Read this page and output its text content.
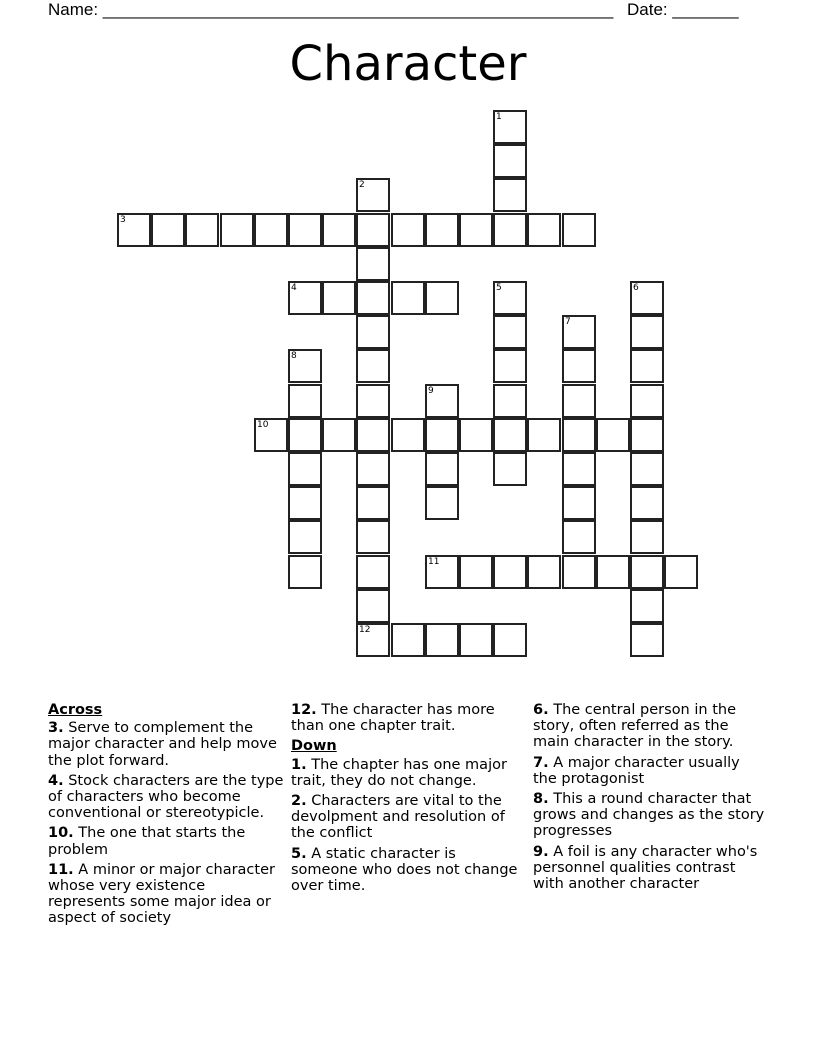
Name: ______________________________________________________ Date: _______
Character
1
2
3
4	5	6
7
8
9
10
11
12
Across
3. Serve to complement the major character and help move the plot forward.
4. Stock characters are the type of characters who become conventional or stereotypicle.
10. The one that starts the problem
11. A minor or major character whose very existence represents some major idea or aspect of society
12. The character has more than one chapter trait.
Down
1. The chapter has one major trait, they do not change.
2. Characters are vital to the devolpment and resolution of the conflict
5. A static character is someone who does not change over time.
6. The central person in the story, often referred as the main character in the story.
7. A major character usually the protagonist
8. This a round character that grows and changes as the story progresses
9. A foil is any character who's personnel qualities contrast with another character
